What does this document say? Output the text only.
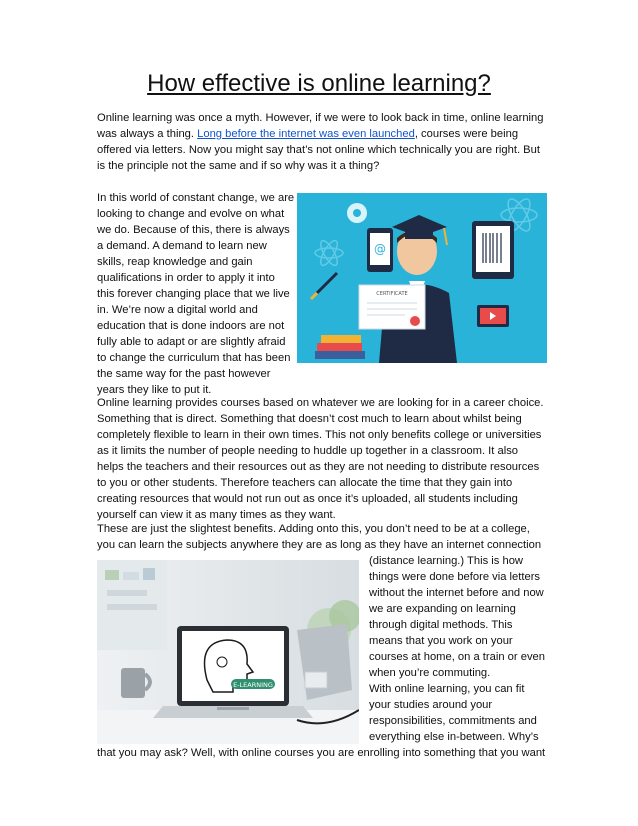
How effective is online learning?

Online learning was once a myth. However, if we were to look back in time, online learning was always a thing. Long before the internet was even launched, courses were being offered via letters. Now you might say that’s not online which technically you are right. But is the principle not the same and if so why was it a thing?

In this world of constant change, we are looking to change and evolve on what we do. Because of this, there is always a demand. A demand to learn new skills, reap knowledge and gain qualifications in order to apply it into this forever changing place that we live in. We’re now a digital world and education that is done indoors are not fully able to adapt or are slightly afraid to change the curriculum that has been the same way for the past however years they like to put it.

@
CERTIFICATE

Online learning provides courses based on whatever we are looking for in a career choice. Something that is direct. Something that doesn’t cost much to learn about whilst being completely flexible to learn in their own times. This not only benefits college or universities as it limits the number of people needing to huddle up together in a classroom. It also helps the teachers and their resources out as they are not needing to distribute resources to you or other students. Therefore teachers can allocate the time that they gain into creating resources that would not run out as once it’s uploaded, all students including yourself can view it as many times as they want.

These are just the slightest benefits. Adding onto this, you don’t need to be at a college, you can learn the subjects anywhere they are as long as they have an internet connection

E-LEARNING

(distance learning.) This is how things were done before via letters without the internet before and now we are expanding on learning through digital methods. This means that you work on your courses at home, on a train or even when you’re commuting.

With online learning, you can fit your studies around your responsibilities, commitments and everything else in-between. Why’s

that you may ask? Well, with online courses you are enrolling into something that you want
